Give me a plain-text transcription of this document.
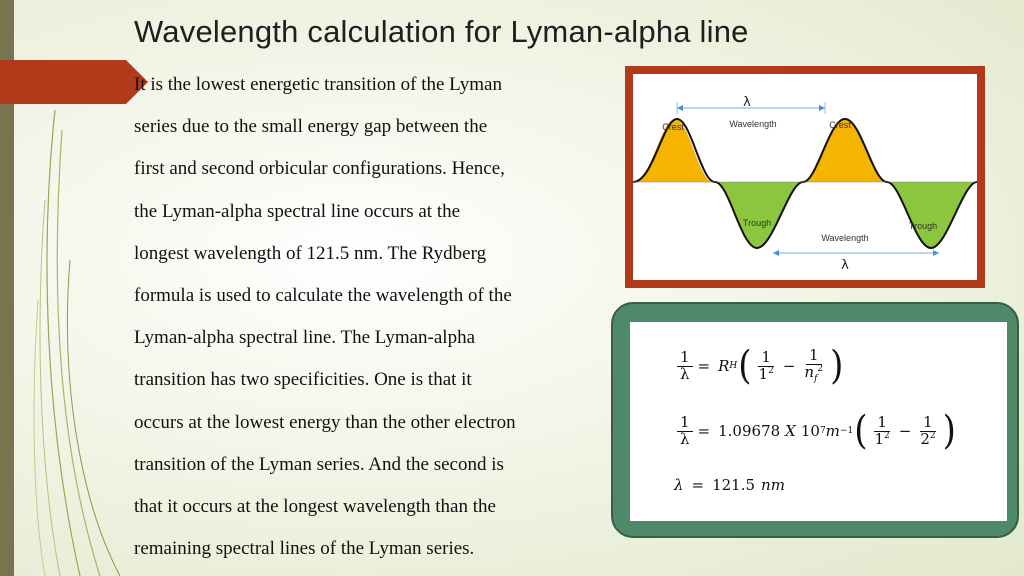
Wavelength calculation for Lyman-alpha line
It is the lowest energetic transition of the Lyman
series due to the small energy gap between the
first and second orbicular configurations. Hence,
the Lyman-alpha spectral line occurs at the
longest wavelength of 121.5 nm. The Rydberg
formula is used to calculate the wavelength of the
Lyman-alpha spectral line. The Lyman-alpha
transition has two specificities. One is that it
occurs at the lowest energy than the other electron
transition of the Lyman series. And the second is
that it occurs at the longest wavelength than the
remaining spectral lines of the Lyman series.
λ
Wavelength
Crest	Crest
Trough	Trough
Wavelength
λ
$\frac{1}{\lambda} = R$ H ( $\frac{1}{1^2} - \frac{1}{n_f^2}$ )
$\frac{1}{\lambda} = 1.09678$ X 10 7 m −1 ( $\frac{1}{1^2} - \frac{1}{2^2}$ )
λ = 121.5 nm
